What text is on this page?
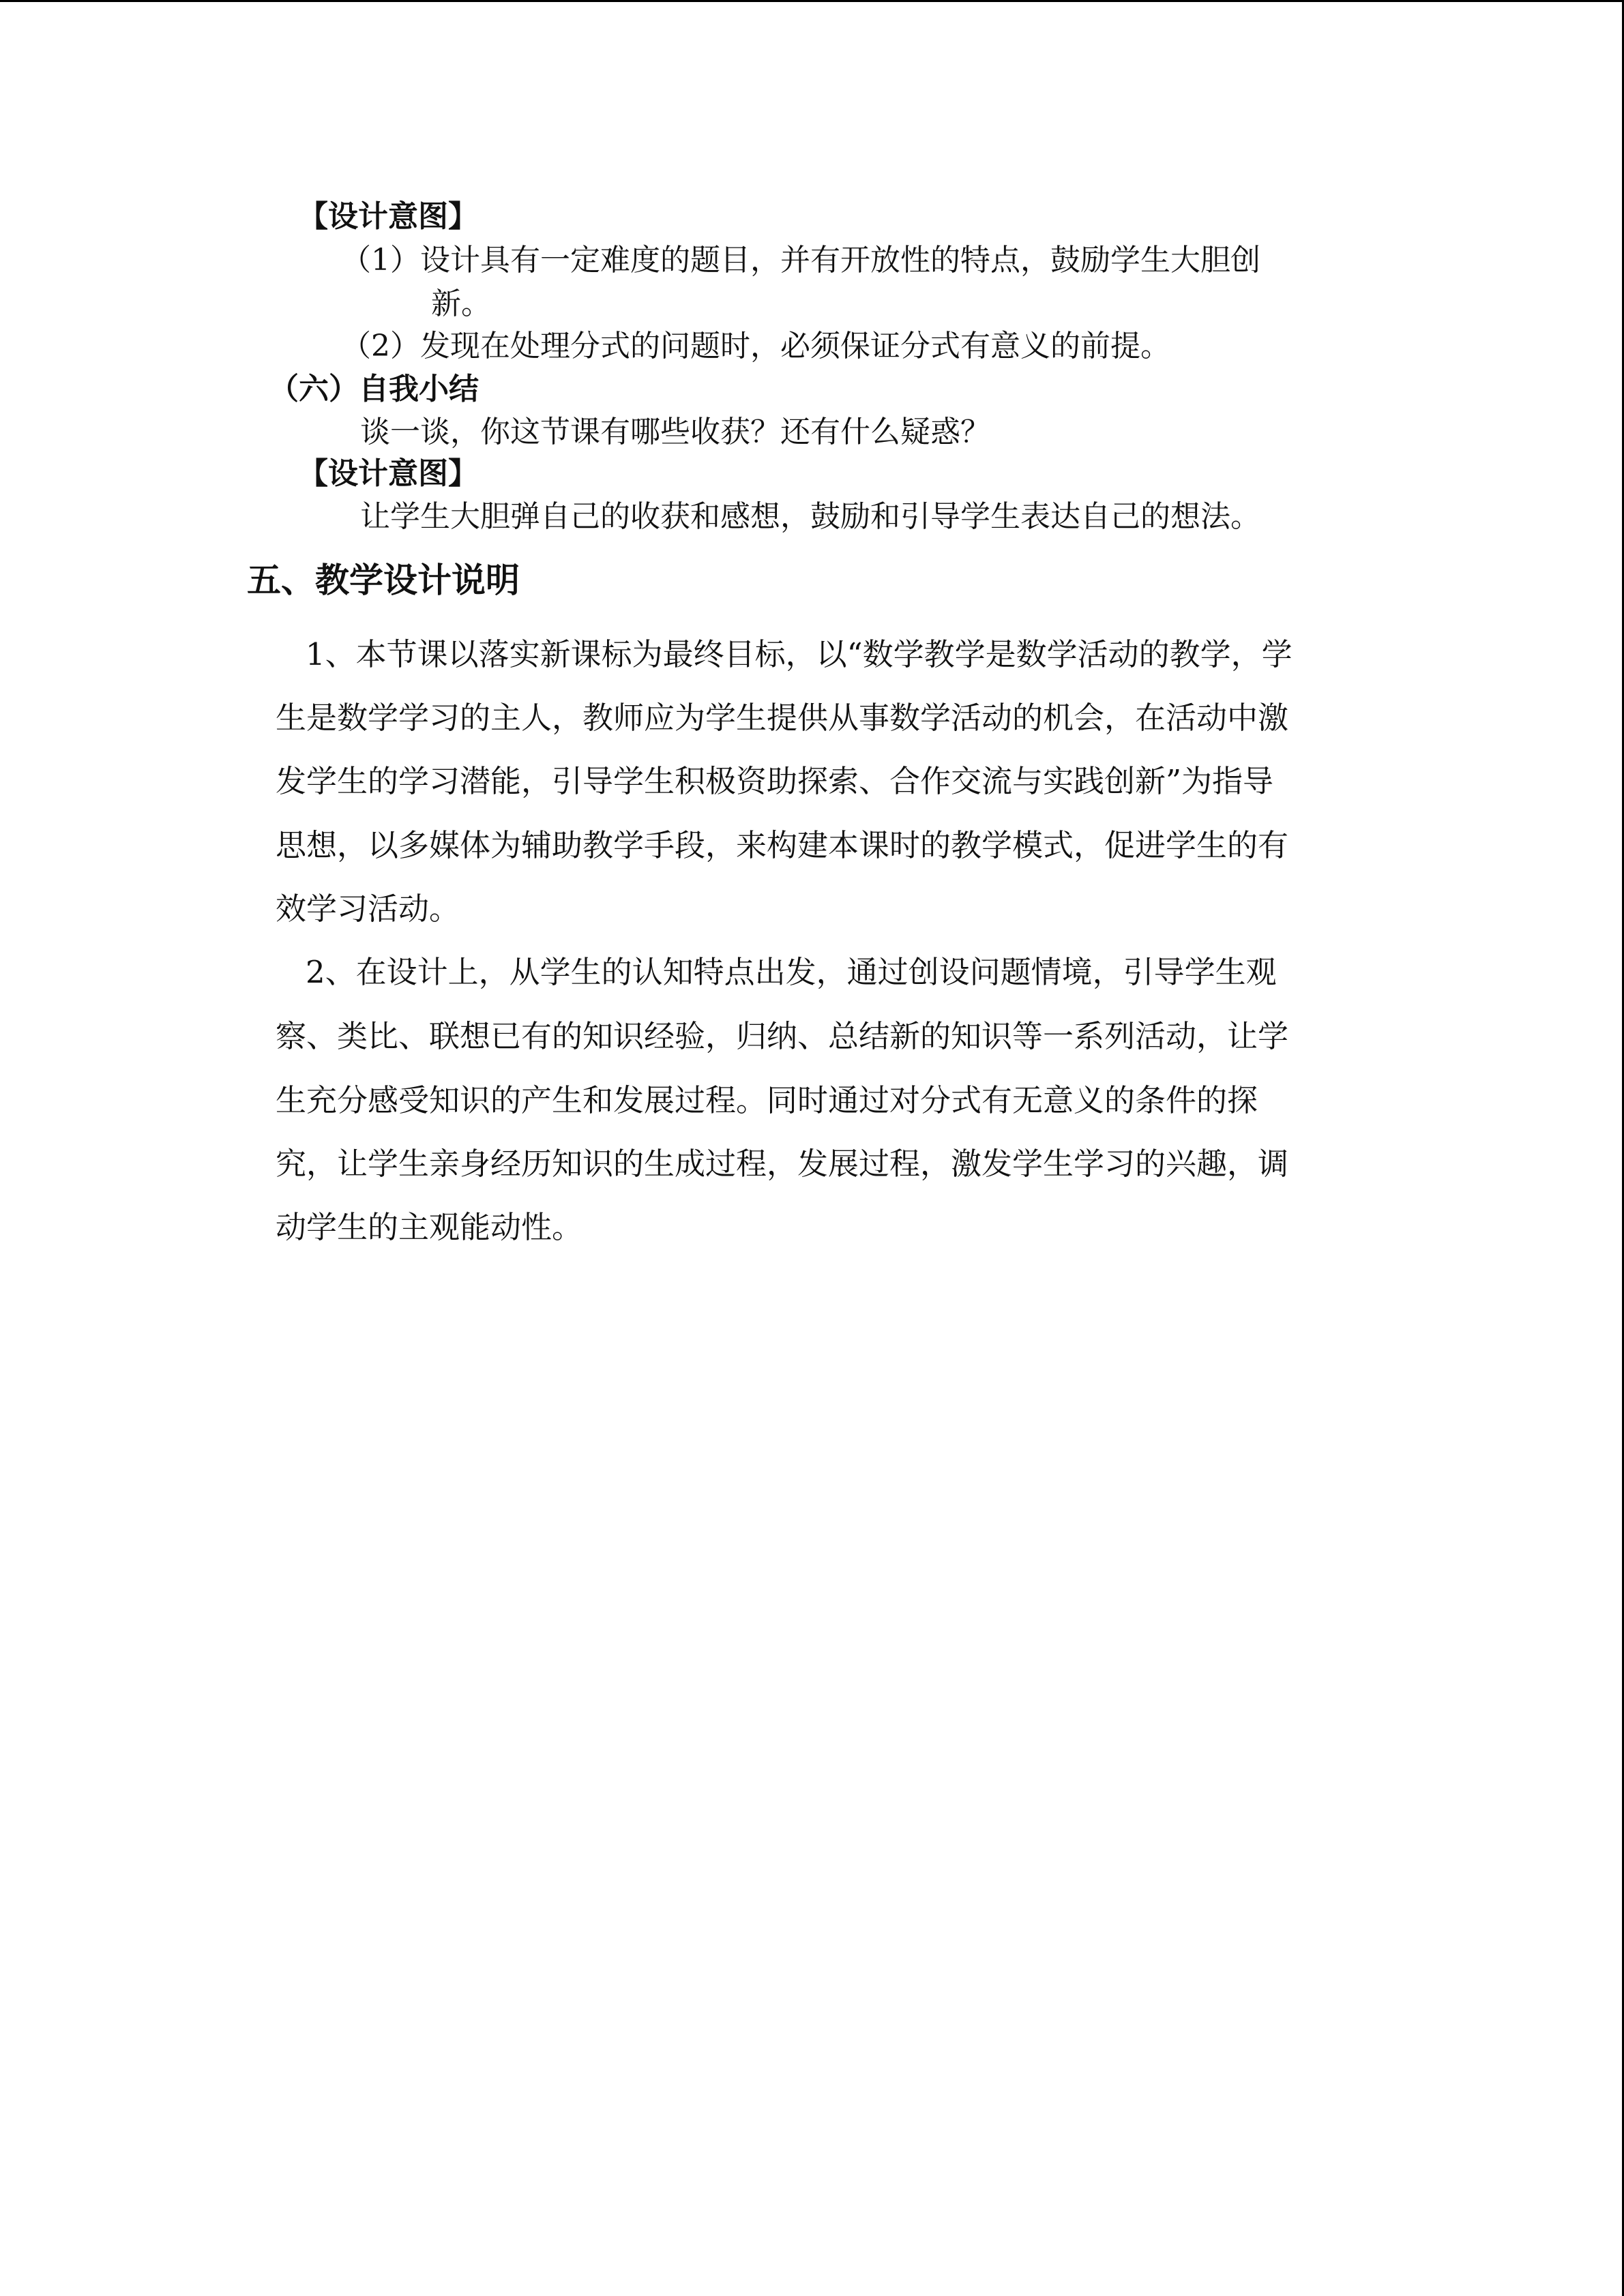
【设计意图】
（1）设计具有一定难度的题目，并有开放性的特点，鼓励学生大胆创
新。
（2）发现在处理分式的问题时，必须保证分式有意义的前提。
（六）自我小结
谈一谈，你这节课有哪些收获？还有什么疑惑？
【设计意图】
让学生大胆弹自己的收获和感想，鼓励和引导学生表达自己的想法。
五、教学设计说明
1、本节课以落实新课标为最终目标，以“数学教学是数学活动的教学，学
生是数学学习的主人，教师应为学生提供从事数学活动的机会，在活动中激
发学生的学习潜能，引导学生积极资助探索、合作交流与实践创新”为指导
思想，以多媒体为辅助教学手段，来构建本课时的教学模式，促进学生的有
效学习活动。
2、在设计上，从学生的认知特点出发，通过创设问题情境，引导学生观
察、类比、联想已有的知识经验，归纳、总结新的知识等一系列活动，让学
生充分感受知识的产生和发展过程。同时通过对分式有无意义的条件的探
究，让学生亲身经历知识的生成过程，发展过程，激发学生学习的兴趣，调
动学生的主观能动性。
